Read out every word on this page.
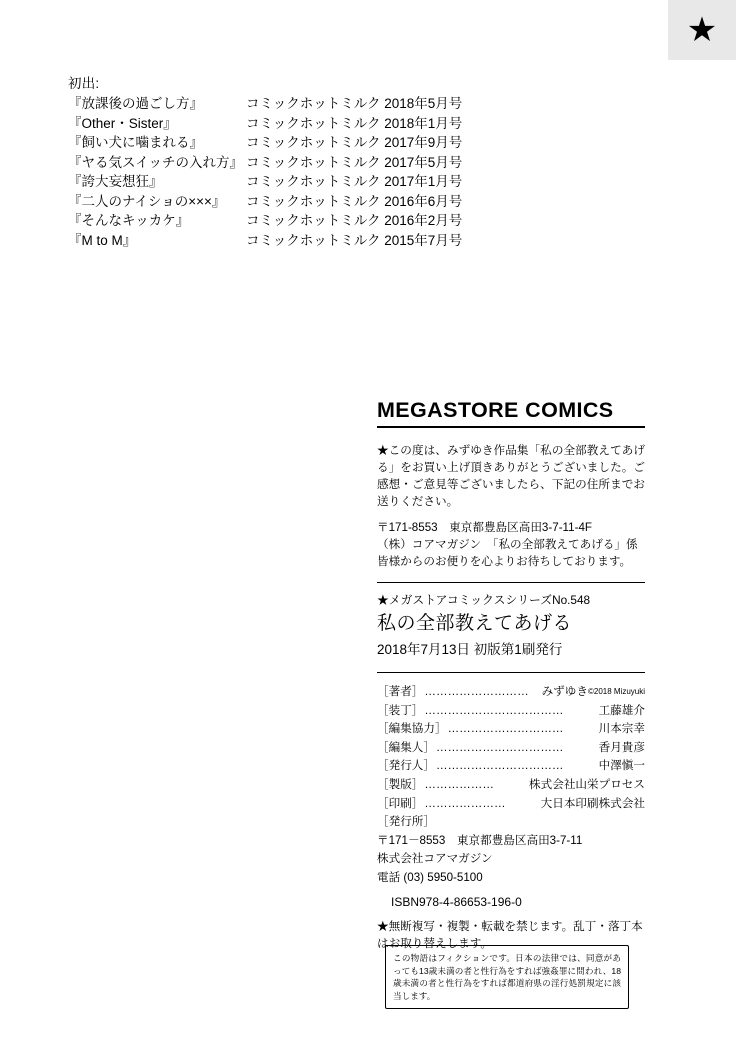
★
初出:
『放課後の過ごし方』	コミックホットミルク 2018年5月号
『Other・Sister』	コミックホットミルク 2018年1月号
『飼い犬に噛まれる』	コミックホットミルク 2017年9月号
『ヤる気スイッチの入れ方』 コミックホットミルク 2017年5月号
『誇大妄想狂』	コミックホットミルク 2017年1月号
『二人のナイショの×××』	コミックホットミルク 2016年6月号
『そんなキッカケ』	コミックホットミルク 2016年2月号
『M to M』	コミックホットミルク 2015年7月号
MEGASTORE COMICS
★この度は、みずゆき作品集「私の全部教えてあげる」をお買い上げ頂きありがとうございました。ご感想・ご意見等ございましたら、下記の住所までお送りください。
〒171-8553　東京都豊島区高田3-7-11-4F
（株）コアマガジン　「私の全部教えてあげる」係
皆様からのお便りを心よりお待ちしております。
★メガストアコミックスシリーズNo.548
私の全部教えてあげる
2018年7月13日 初版第1刷発行
［著者］ ………………………	みずゆき©2018 Mizuyuki
［装丁］ ………………………………	工藤雄介
［編集協力］ …………………………	川本宗幸
［編集人］ ……………………………	香月貴彦
［発行人］ ……………………………	中澤愼一
［製版］ ………………	株式会社山栄プロセス
［印刷］ …………………	大日本印刷株式会社
［発行所］
〒171－8553　東京都豊島区高田3-7-11
株式会社コアマガジン
電話 (03) 5950-5100
ISBN978-4-86653-196-0
★無断複写・複製・転載を禁じます。乱丁・落丁本はお取り替えします。
この物語はフィクションです。日本の法律では、同意があっても13歳未満の者と性行為をすれば強姦罪に問われ、18歳未満の者と性行為をすれば都道府県の淫行処罰規定に該当します。
